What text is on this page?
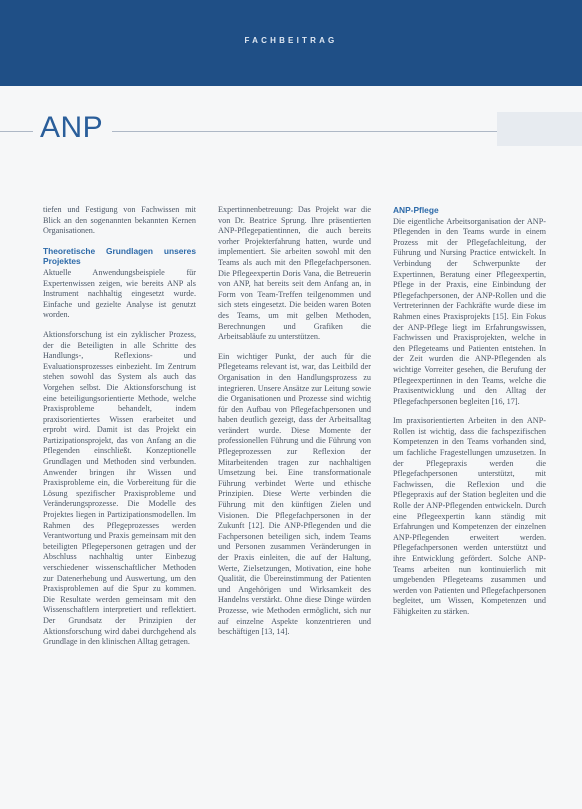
FACHBEITRAG
ANP

tiefen und Festigung von Fachwissen mit Blick an den sogenannten bekannten Kernen Organisationen.

Theoretische Grundlagen unseres Projektes

Aktuelle Anwendungsbeispiele für Expertenwissen zeigen, wie bereits ANP als Instrument nachhaltig eingesetzt wurde. Einfache und gezielte Analyse ist genutzt worden.

Aktionsforschung ist ein zyklischer Prozess, der die Beteiligten in alle Schritte des Handlungs-, Reflexions- und Evaluationsprozesses einbezieht. Im Zentrum stehen sowohl das System als auch das Vorgehen selbst. Die Aktionsforschung ist eine beteiligungsorientierte Methode, welche Praxisprobleme behandelt, indem praxisorientiertes Wissen erarbeitet und erprobt wird. Damit ist das Projekt ein Partizipationsprojekt, das von Anfang an die Pflegenden einschließt. Konzeptionelle Grundlagen und Methoden sind verbunden. Anwender bringen ihr Wissen und Praxisprobleme ein, die Vorbereitung für die Lösung spezifischer Praxisprobleme und Veränderungsprozesse. Die Modelle des Projektes liegen in Partizipationsmodellen. Im Rahmen des Pflegeprozesses werden Verantwortung und Praxis gemeinsam mit den beteiligten Pflegepersonen getragen und der Abschluss nachhaltig unter Einbezug verschiedener wissenschaftlicher Methoden zur Datenerhebung und Auswertung, um den Praxisproblemen auf die Spur zu kommen. Die Resultate werden gemeinsam mit den Wissenschaftlern interpretiert und reflektiert. Der Grundsatz der Prinzipien der Aktionsforschung wird dabei durchgehend als Grundlage in den klinischen Alltag getragen.

Expertinnenbetreuung: Das Projekt war die von Dr. Beatrice Sprung. Ihre präsentierten ANP-Pflegepatientinnen, die auch bereits vorher Projekterfahrung hatten, wurde und implementiert. Sie arbeiten sowohl mit den Teams als auch mit den Pflegefachpersonen. Die Pflegeexpertin Doris Vana, die Betreuerin von ANP, hat bereits seit dem Anfang an, in Form von Team-Treffen teilgenommen und sich stets eingesetzt. Die beiden waren Boten des Teams, um mit gelben Methoden, Berechnungen und Grafiken die Arbeitsabläufe zu unterstützen.

Ein wichtiger Punkt, der auch für die Pflegeteams relevant ist, war, das Leitbild der Organisation in den Handlungsprozess zu integrieren. Unsere Ansätze zur Leitung sowie die Organisationen und Prozesse sind wichtig für den Aufbau von Pflegefachpersonen und haben deutlich gezeigt, dass der Arbeitsalltag verändert wurde. Diese Momente der professionellen Führung und die Führung von Pflegeprozessen zur Reflexion der Mitarbeitenden tragen zur nachhaltigen Umsetzung bei. Eine transformationale Führung verbindet Werte und ethische Prinzipien. Diese Werte verbinden die Führung mit den künftigen Zielen und Visionen. Die Pflegefachpersonen in der Zukunft [12]. Die ANP-Pflegenden und die Fachpersonen beteiligen sich, indem Teams und Personen zusammen Veränderungen in der Praxis einleiten, die auf der Haltung, Werte, Zielsetzungen, Motivation, eine hohe Qualität, die Übereinstimmung der Patienten und Angehörigen und Wirksamkeit des Handelns verstärkt. Ohne diese Dinge würden Prozesse, wie Methoden ermöglicht, sich nur auf einzelne Aspekte konzentrieren und beschäftigen [13, 14].

ANP-Pflege

Die eigentliche Arbeitsorganisation der ANP-Pflegenden in den Teams wurde in einem Prozess mit der Pflegefachleitung, der Führung und Nursing Practice entwickelt. In Verbindung der Schwerpunkte der Expertinnen, Beratung einer Pflegeexpertin, Pflege in der Praxis, eine Einbindung der Pflegefachpersonen, der ANP-Rollen und die Vertreterinnen der Fachkräfte wurde diese im Rahmen eines Praxisprojekts [15]. Ein Fokus der ANP-Pflege liegt im Erfahrungswissen, Fachwissen und Praxisprojekten, welche in den Pflegeteams und Patienten entstehen. In der Zeit wurden die ANP-Pflegenden als wichtige Vorreiter gesehen, die Berufung der Pflegeexpertinnen in den Teams, welche die Praxisentwicklung und den Alltag der Pflegefachpersonen begleiten [16, 17].

Im praxisorientierten Arbeiten in den ANP-Rollen ist wichtig, dass die fachspezifischen Kompetenzen in den Teams vorhanden sind, um fachliche Fragestellungen umzusetzen. In der Pflegepraxis werden die Pflegefachpersonen unterstützt, mit Fachwissen, die Reflexion und die Pflegepraxis auf der Station begleiten und die Rolle der ANP-Pflegenden entwickeln. Durch eine Pflegeexpertin kann ständig mit Erfahrungen und Kompetenzen der einzelnen ANP-Pflegenden erweitert werden. Pflegefachpersonen werden unterstützt und ihre Entwicklung gefördert. Solche ANP-Teams arbeiten nun kontinuierlich mit umgebenden Pflegeteams zusammen und werden von Patienten und Pflegefachpersonen begleitet, um Wissen, Kompetenzen und Fähigkeiten zu stärken.
